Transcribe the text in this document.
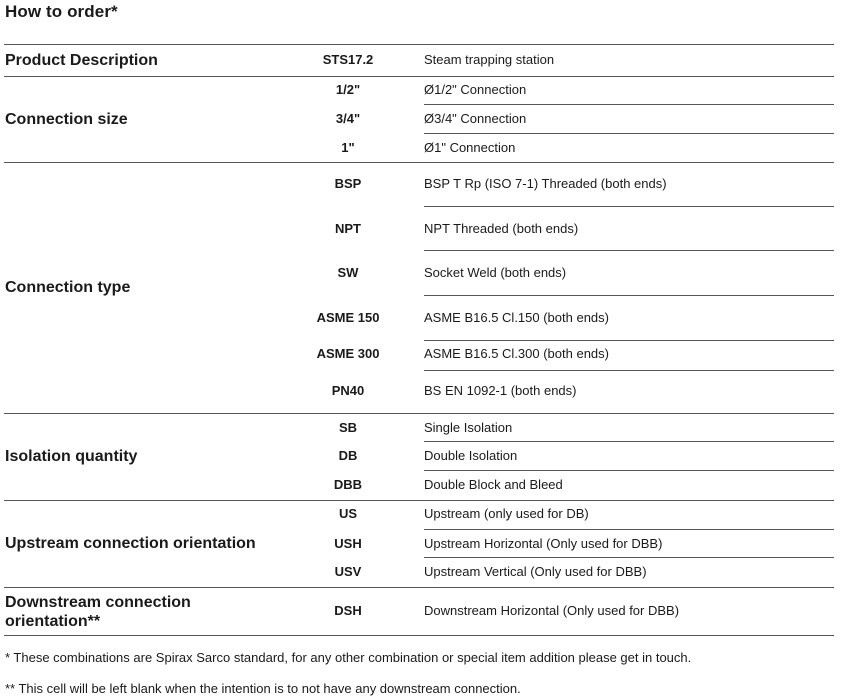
How to order*
Product Description	STS17.2	Steam trapping station
Connection size
1/2"	Ø1/2" Connection
3/4"	Ø3/4" Connection
1"	Ø1" Connection
Connection type
BSP	BSP T Rp (ISO 7-1) Threaded (both ends)
NPT	NPT Threaded (both ends)
SW	Socket Weld (both ends)
ASME 150	ASME B16.5 Cl.150 (both ends)
ASME 300	ASME B16.5 Cl.300 (both ends)
PN40	BS EN 1092-1 (both ends)
Isolation quantity
SB	Single Isolation
DB	Double Isolation
DBB	Double Block and Bleed
Upstream connection orientation
US	Upstream (only used for DB)
USH	Upstream Horizontal (Only used for DBB)
USV	Upstream Vertical (Only used for DBB)
Downstream connection
orientation**
DSH	Downstream Horizontal (Only used for DBB)
* These combinations are Spirax Sarco standard, for any other combination or special item addition please get in touch.
** This cell will be left blank when the intention is to not have any downstream connection.
